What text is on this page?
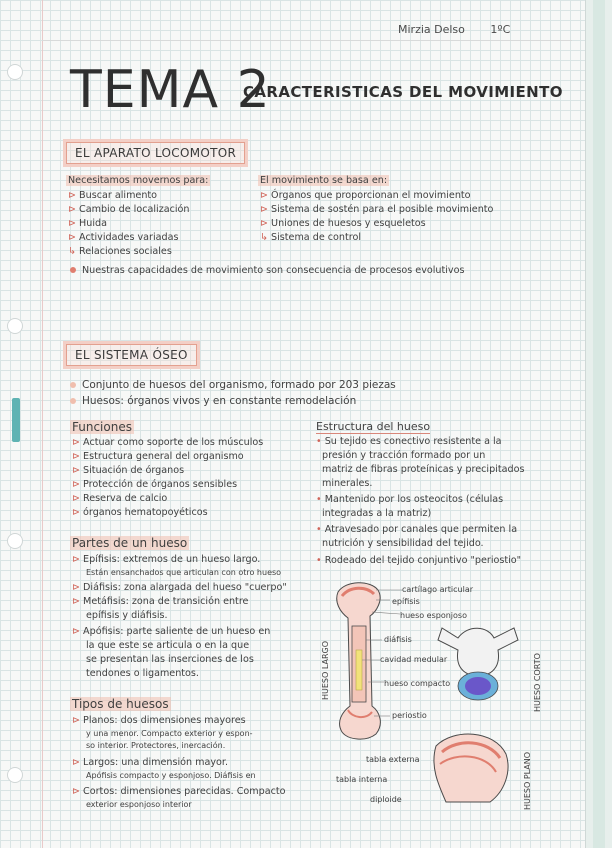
Mirzia Delso 1ºC
TEMA 2
CARACTERISTICAS DEL MOVIMIENTO
EL APARATO LOCOMOTOR
Necesitamos movernos para:
⊳ Buscar alimento
⊳ Cambio de localización
⊳ Huida
⊳ Actividades variadas
↳ Relaciones sociales
El movimiento se basa en:
⊳ Órganos que proporcionan el movimiento
⊳ Sistema de sostén para el posible movimiento
⊳ Uniones de huesos y esqueletos
↳ Sistema de control
Nuestras capacidades de movimiento son consecuencia de procesos evolutivos
EL SISTEMA ÓSEO
Conjunto de huesos del organismo, formado por 203 piezas
Huesos: órganos vivos y en constante remodelación
Funciones
⊳ Actuar como soporte de los músculos
⊳ Estructura general del organismo
⊳ Situación de órganos
⊳ Protección de órganos sensibles
⊳ Reserva de calcio
⊳ órganos hematopoyéticos
Partes de un hueso
⊳ Epífisis: extremos de un hueso largo.
Están ensanchados que articulan con otro hueso
⊳ Diáfisis: zona alargada del hueso "cuerpo"
⊳ Metáfisis: zona de transición entre
epífisis y diáfisis.
⊳ Apófisis: parte saliente de un hueso en
la que este se articula o en la que
se presentan las inserciones de los
tendones o ligamentos.
Tipos de huesos
⊳ Planos: dos dimensiones mayores
y una menor. Compacto exterior y espon-
so interior. Protectores, inercación.
⊳ Largos: una dimensión mayor.
Apófisis compacto y esponjoso. Diáfisis en
⊳ Cortos: dimensiones parecidas. Compacto
exterior esponjoso interior
Estructura del hueso
• Su tejido es conectivo resistente a la
presión y tracción formado por un
matriz de fibras proteínicas y precipitados
minerales.
• Mantenido por los osteocitos (células
integradas a la matriz)
• Atravesado por canales que permiten la
nutrición y sensibilidad del tejido.
• Rodeado del tejido conjuntivo "periostio"
cartílago articular
epífisis
hueso esponjoso
diáfisis
cavidad medular
hueso compacto
periostio
HUESO LARGO	HUESO CORTO
HUESO PLANO
tabla externa
tabla interna
diploide
